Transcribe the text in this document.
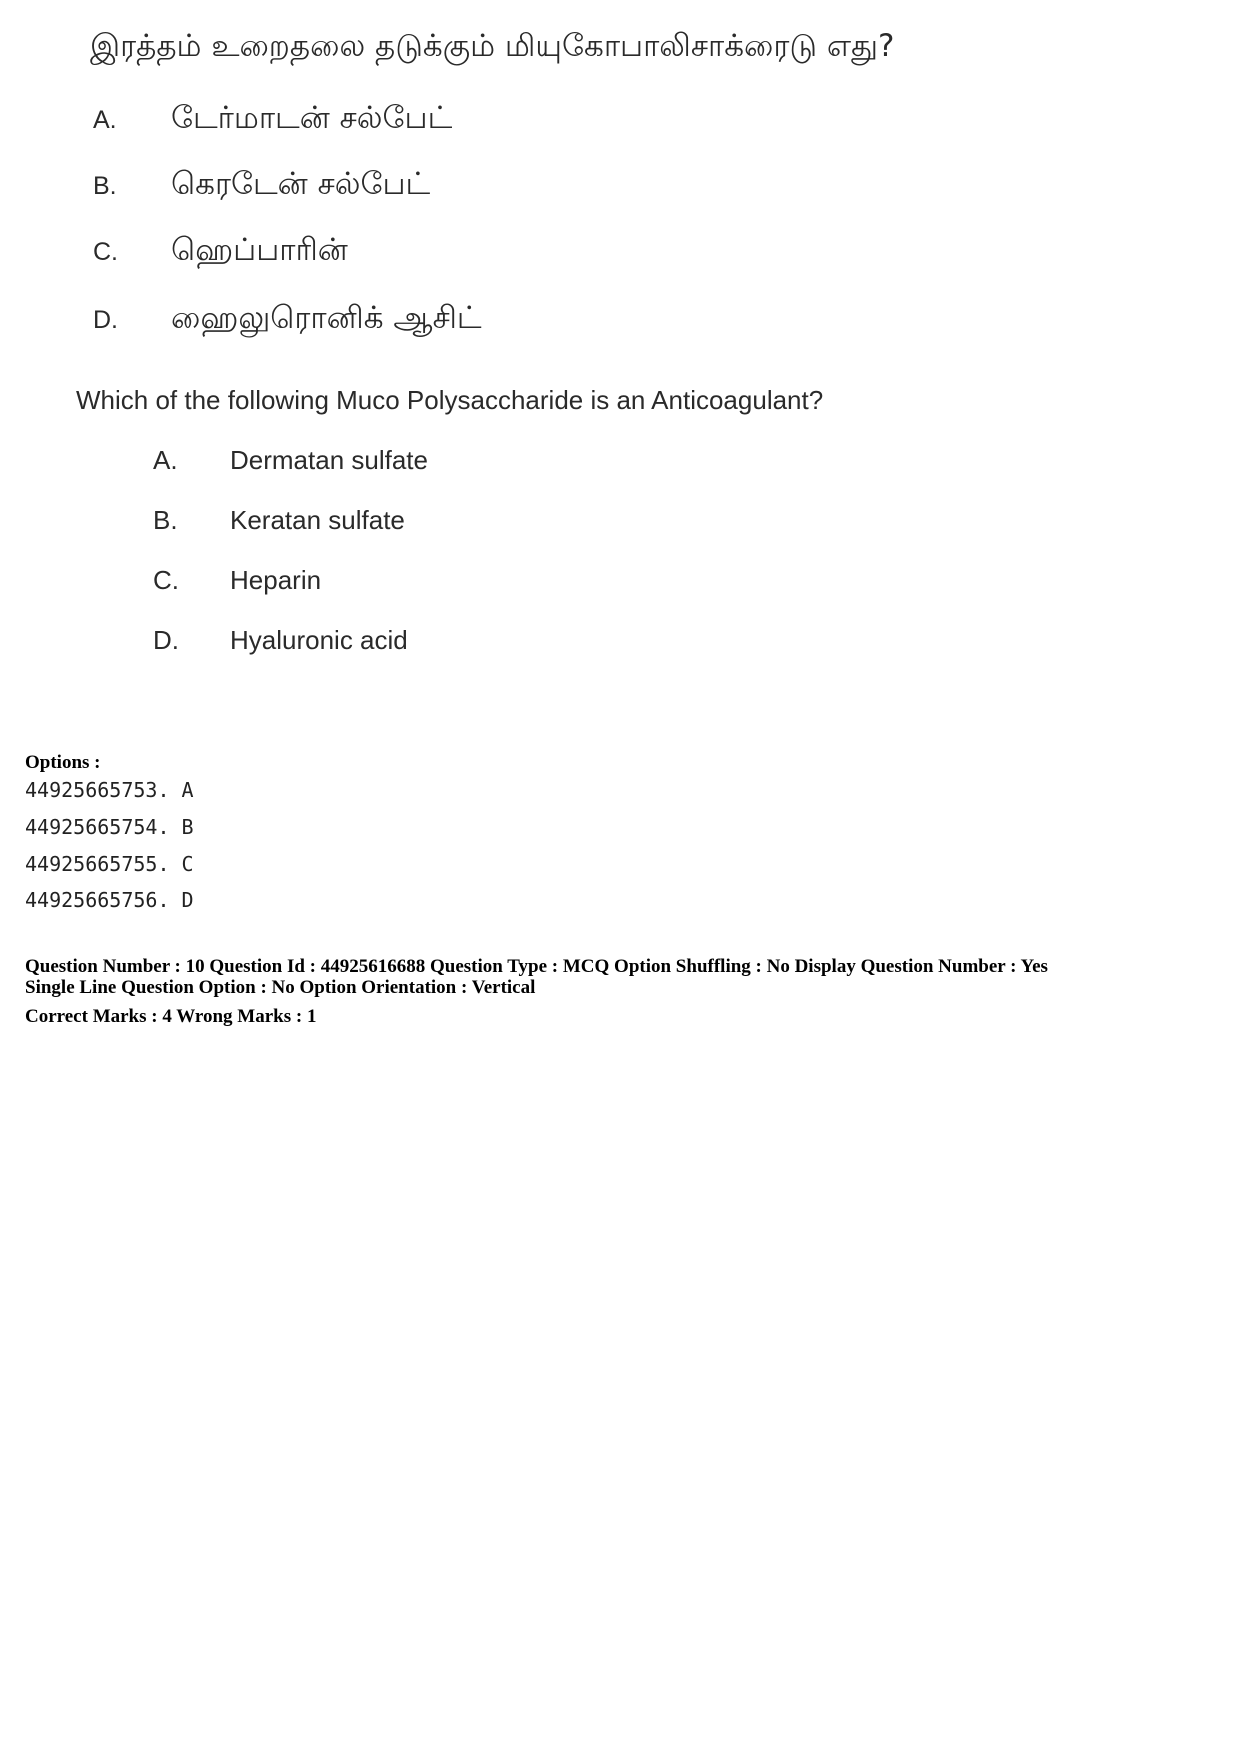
இரத்தம் உறைதலை தடுக்கும் மியுகோபாலிசாக்ரைடு எது?
A. டேர்மாடன் சல்பேட்
B. கெரடேன் சல்பேட்
C. ஹெப்பாரின்
D. ஹைலுரொனிக் ஆசிட்
Which of the following Muco Polysaccharide is an Anticoagulant?
A. Dermatan sulfate
B. Keratan sulfate
C. Heparin
D. Hyaluronic acid
Options :
44925665753. A
44925665754. B
44925665755. C
44925665756. D
Question Number : 10 Question Id : 44925616688 Question Type : MCQ Option Shuffling : No Display Question Number : Yes
Single Line Question Option : No Option Orientation : Vertical
Correct Marks : 4 Wrong Marks : 1
